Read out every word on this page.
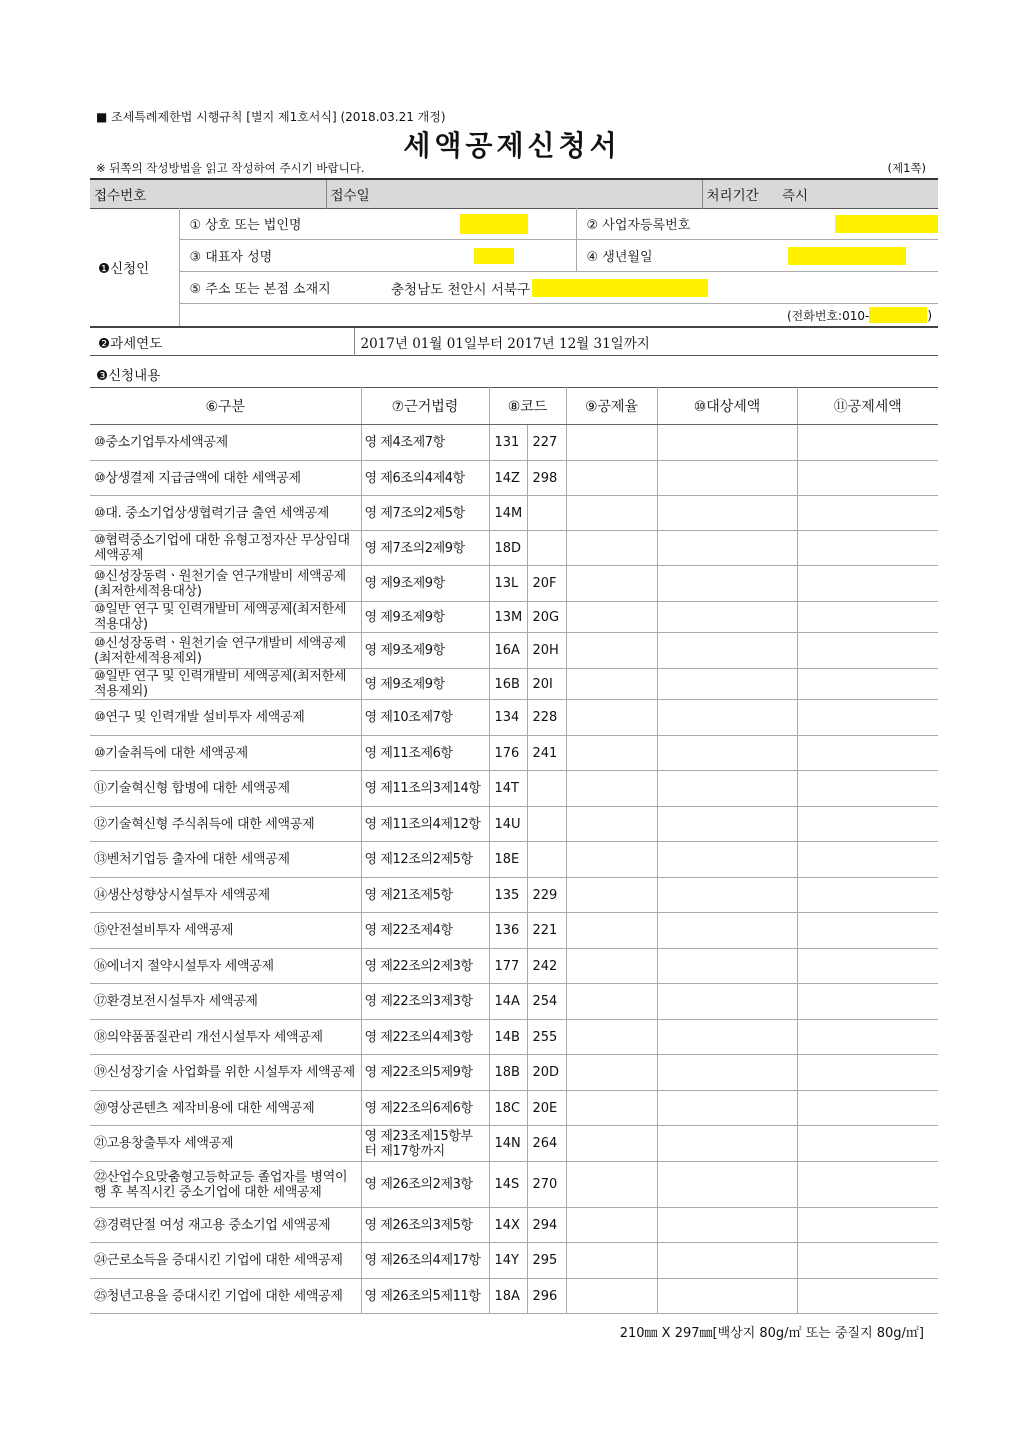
■ 조세특례제한법 시행규칙 [별지 제1호서식] (2018.03.21 개정)
세액공제신청서
※ 뒤쪽의 작성방법을 읽고 작성하여 주시기 바랍니다.	(제1쪽)
접수번호	접수일	처리기간	즉시
❶신청인	① 상호 또는 법인명		② 사업자등록번호	
	③ 대표자 성명		④ 생년월일	
	⑤ 주소 또는 본점 소재지	충청남도 천안시 서북구		
	(전화번호:010- )			
❷과세연도	2017년 01월 01일부터 2017년 12월 31일까지
❸신청내용
⑥구분	⑦근거법령	⑧코드		⑨공제율	⑩대상세액	⑪공제세액
⑩중소기업투자세액공제	영 제4조제7항	131	227			
⑩상생결제 지급금액에 대한 세액공제	영 제6조의4제4항	14Z	298			
⑩대. 중소기업상생협력기금 출연 세액공제	영 제7조의2제5항	14M				
⑩협력중소기업에 대한 유형고정자산 무상임대 세액공제	영 제7조의2제9항	18D				
⑩신성장동력ㆍ원천기술 연구개발비 세액공제 (최저한세적용대상)	영 제9조제9항	13L	20F			
⑩일반 연구 및 인력개발비 세액공제(최저한세 적용대상)	영 제9조제9항	13M	20G			
⑩신성장동력ㆍ원천기술 연구개발비 세액공제 (최저한세적용제외)	영 제9조제9항	16A	20H			
⑩일반 연구 및 인력개발비 세액공제(최저한세 적용제외)	영 제9조제9항	16B	20I			
⑩연구 및 인력개발 설비투자 세액공제	영 제10조제7항	134	228			
⑩기술취득에 대한 세액공제	영 제11조제6항	176	241			
⑪기술혁신형 합병에 대한 세액공제	영 제11조의3제14항	14T				
⑫기술혁신형 주식취득에 대한 세액공제	영 제11조의4제12항	14U				
⑬벤처기업등 출자에 대한 세액공제	영 제12조의2제5항	18E				
⑭생산성향상시설투자 세액공제	영 제21조제5항	135	229			
⑮안전설비투자 세액공제	영 제22조제4항	136	221			
⑯에너지 절약시설투자 세액공제	영 제22조의2제3항	177	242			
⑰환경보전시설투자 세액공제	영 제22조의3제3항	14A	254			
⑱의약품품질관리 개선시설투자 세액공제	영 제22조의4제3항	14B	255			
⑲신성장기술 사업화를 위한 시설투자 세액공제	영 제22조의5제9항	18B	20D			
⑳영상콘텐츠 제작비용에 대한 세액공제	영 제22조의6제6항	18C	20E			
㉑고용창출투자 세액공제	영 제23조제15항부터 제17항까지	14N	264			
㉒산업수요맞춤형고등학교등 졸업자를 병역이행 후 복직시킨 중소기업에 대한 세액공제	영 제26조의2제3항	14S	270			
㉓경력단절 여성 재고용 중소기업 세액공제	영 제26조의3제5항	14X	294			
㉔근로소득을 증대시킨 기업에 대한 세액공제	영 제26조의4제17항	14Y	295			
㉕청년고용을 증대시킨 기업에 대한 세액공제	영 제26조의5제11항	18A	296			
210㎜ X 297㎜[백상지 80g/㎡ 또는 중질지 80g/㎡]
